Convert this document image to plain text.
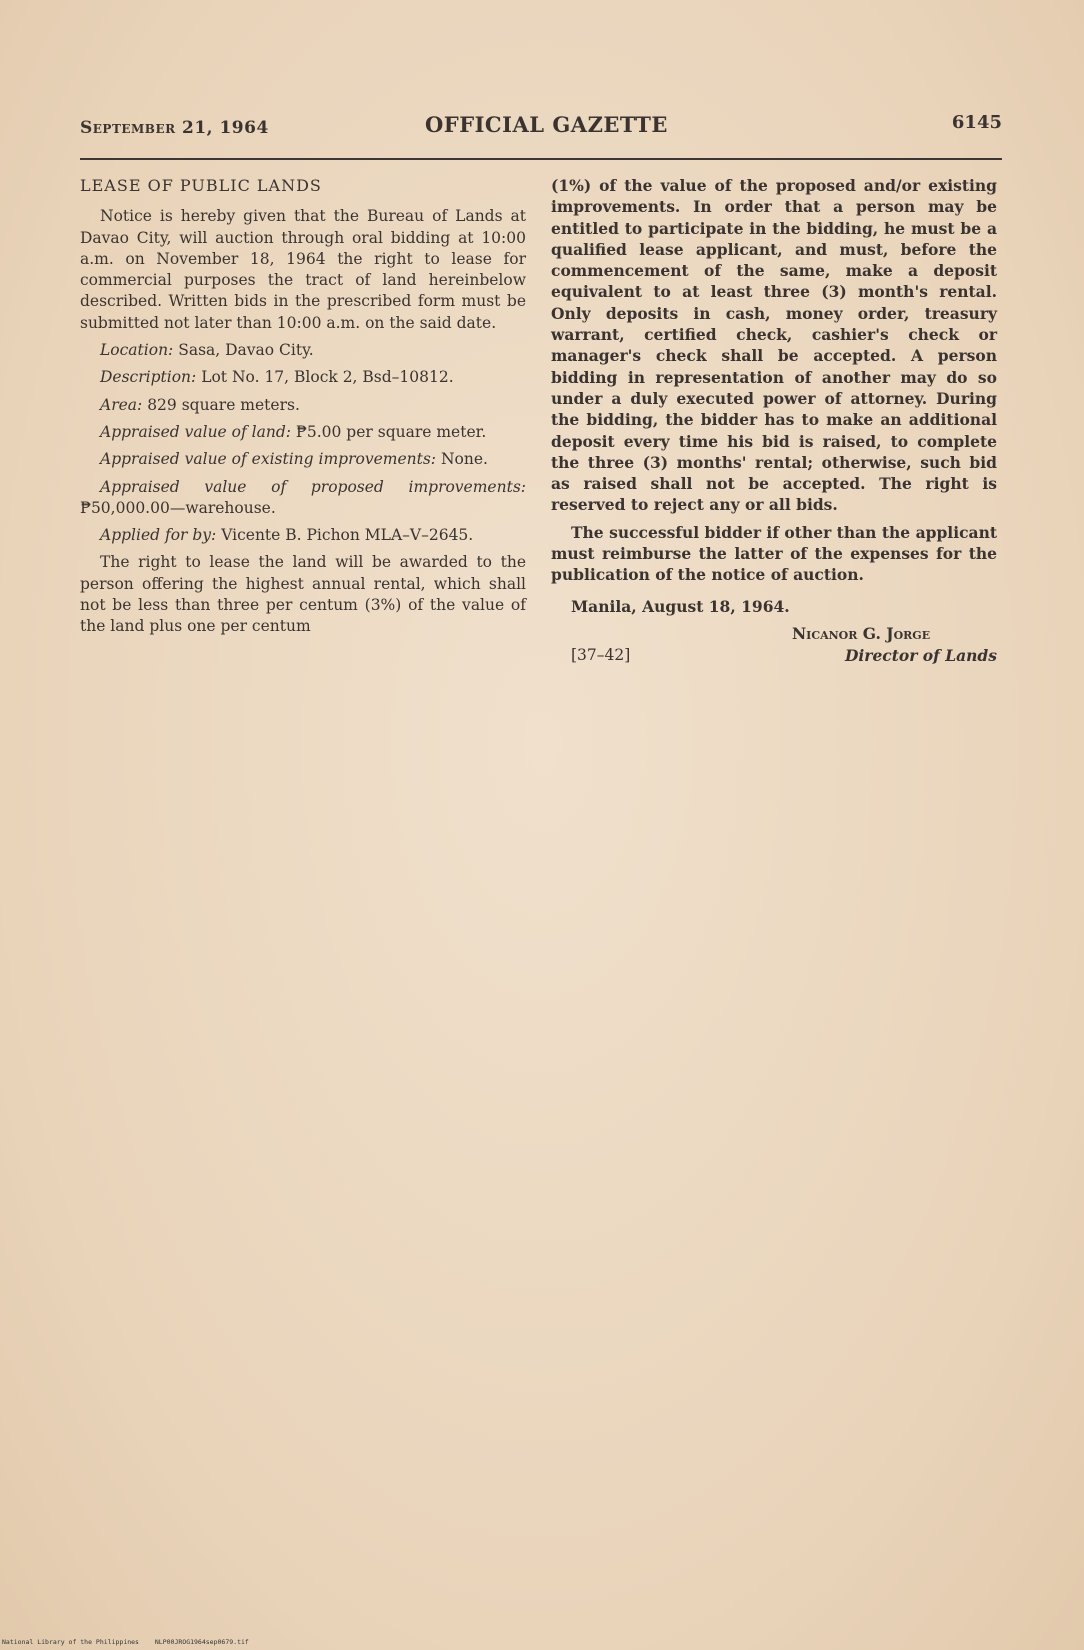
September 21, 1964	OFFICIAL GAZETTE	6145

LEASE OF PUBLIC LANDS

Notice is hereby given that the Bureau of Lands at Davao City, will auction through oral bidding at 10:00 a.m. on November 18, 1964 the right to lease for commercial purposes the tract of land hereinbelow described. Written bids in the prescribed form must be submitted not later than 10:00 a.m. on the said date.

Location: Sasa, Davao City.

Description: Lot No. 17, Block 2, Bsd–10812.

Area: 829 square meters.

Appraised value of land: ₱5.00 per square meter.

Appraised value of existing improvements: None.

Appraised value of proposed improvements: ₱50,000.00—warehouse.

Applied for by: Vicente B. Pichon MLA–V–2645.

The right to lease the land will be awarded to the person offering the highest annual rental, which shall not be less than three per centum (3%) of the value of the land plus one per centum

(1%) of the value of the proposed and/or existing improvements. In order that a person may be entitled to participate in the bidding, he must be a qualified lease applicant, and must, before the commencement of the same, make a deposit equivalent to at least three (3) month's rental. Only deposits in cash, money order, treasury warrant, certified check, cashier's check or manager's check shall be accepted. A person bidding in representation of another may do so under a duly executed power of attorney. During the bidding, the bidder has to make an additional deposit every time his bid is raised, to complete the three (3) months' rental; otherwise, such bid as raised shall not be accepted. The right is reserved to reject any or all bids.

The successful bidder if other than the applicant must reimburse the latter of the expenses for the publication of the notice of auction.

Manila, August 18, 1964.

Nicanor G. Jorge
[37–42]	Director of Lands
National Library of the Philippines NLP00JROG1964sep0679.tif
